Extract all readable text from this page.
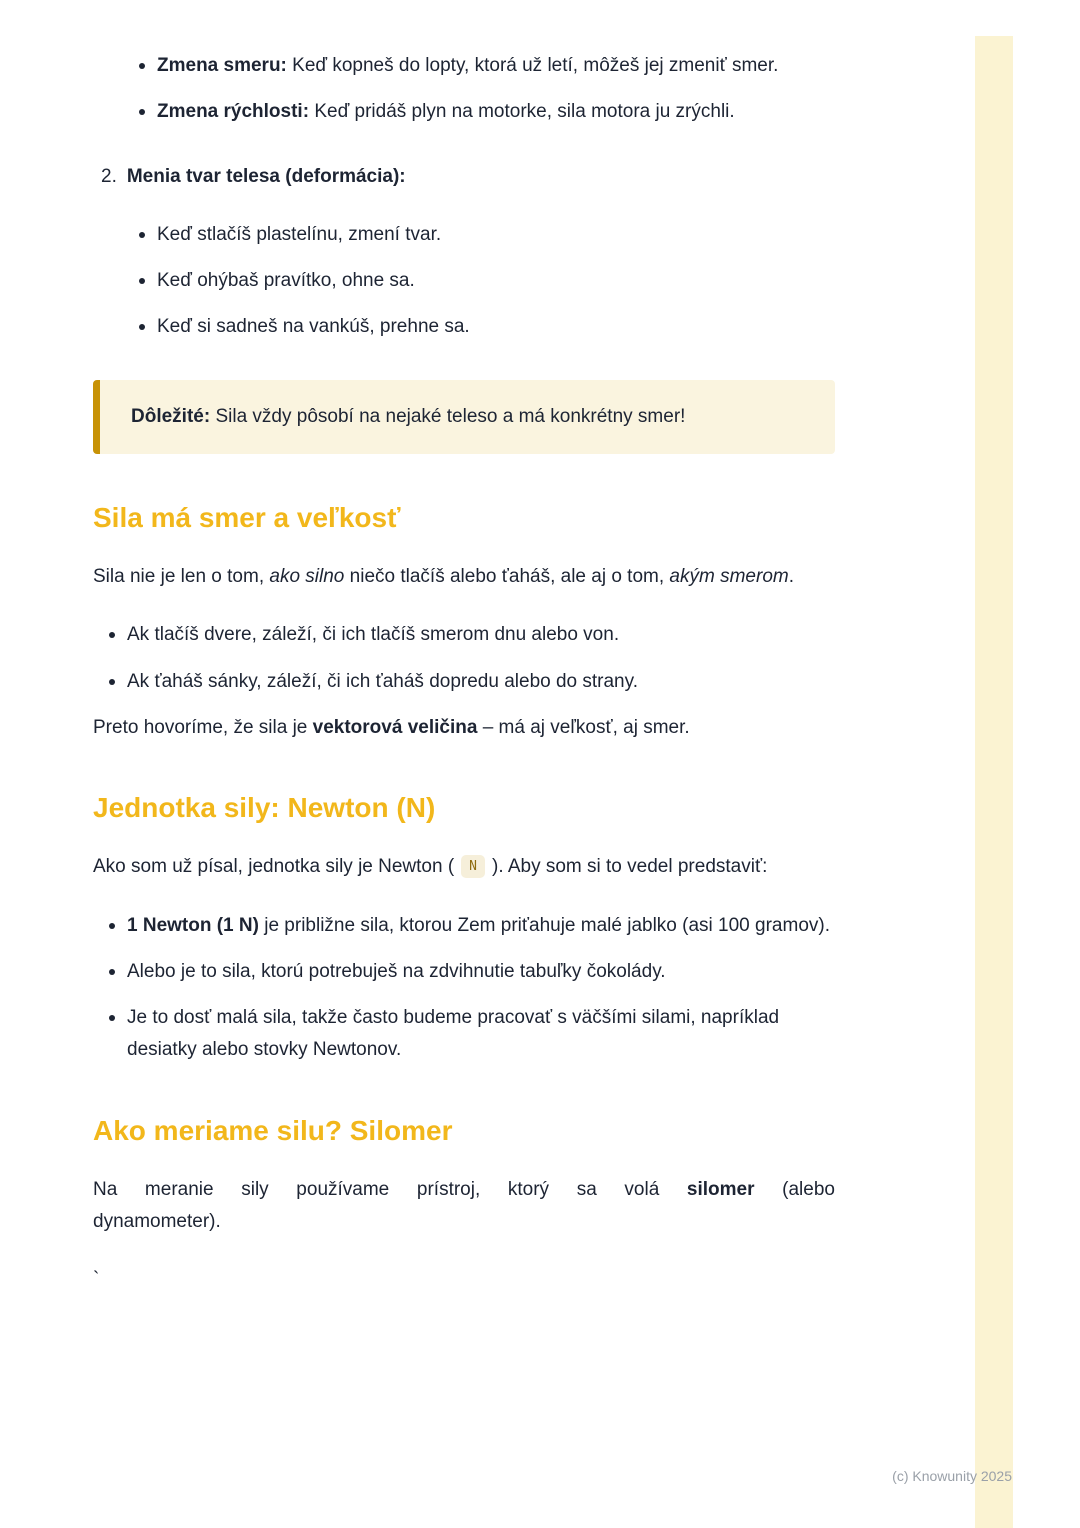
Zmena smeru: Keď kopneš do lopty, ktorá už letí, môžeš jej zmeniť smer.
Zmena rýchlosti: Keď pridáš plyn na motorke, sila motora ju zrýchli.
2. Menia tvar telesa (deformácia):
Keď stlačíš plastelínu, zmení tvar.
Keď ohýbaš pravítko, ohne sa.
Keď si sadneš na vankúš, prehne sa.

Dôležité: Sila vždy pôsobí na nejaké teleso a má konkrétny smer!

Sila má smer a veľkosť

Sila nie je len o tom, ako silno niečo tlačíš alebo ťaháš, ale aj o tom, akým smerom.

Ak tlačíš dvere, záleží, či ich tlačíš smerom dnu alebo von.
Ak ťaháš sánky, záleží, či ich ťaháš dopredu alebo do strany.

Preto hovoríme, že sila je vektorová veličina – má aj veľkosť, aj smer.

Jednotka sily: Newton (N)

Ako som už písal, jednotka sily je Newton ( N ). Aby som si to vedel predstaviť:

1 Newton (1 N) je približne sila, ktorou Zem priťahuje malé jablko (asi 100 gramov).
Alebo je to sila, ktorú potrebuješ na zdvihnutie tabuľky čokolády.
Je to dosť malá sila, takže často budeme pracovať s väčšími silami, napríklad desiatky alebo stovky Newtonov.
Ako meriame silu? Silomer

Na meranie sily používame prístroj, ktorý sa volá silomer (alebo dynamometer).

`

(c) Knowunity 2025
